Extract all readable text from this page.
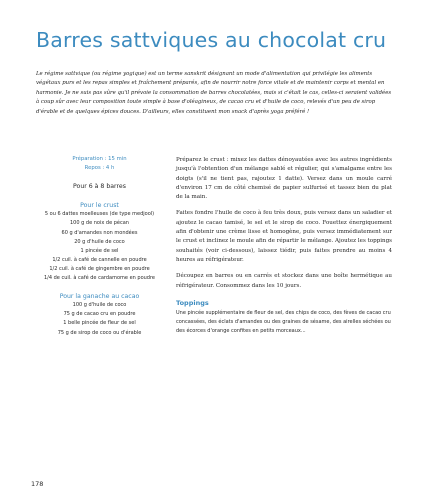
Barres sattviques au chocolat cru

Le régime sattvique (ou régime yogique) est un terme sanskrit désignant un mode d'alimentation qui privilégie les aliments végétaux purs et les repas simples et fraîchement préparés, afin de nourrir notre force vitale et de maintenir corps et mental en harmonie. Je ne suis pas sûre qu'il prévoie la consommation de barres chocolatées, mais si c'était le cas, celles-ci seraient validées à coup sûr avec leur composition toute simple à base d'oléagineux, de cacao cru et d'huile de coco, relevés d'un peu de sirop d'érable et de quelques épices douces. D'ailleurs, elles constituent mon snack d'après yoga préféré !

Préparation : 15 min
Repos : 4 h
Pour 6 à 8 barres
Pour le crust
5 ou 6 dattes moelleuses (de type medjool)
100 g de noix de pécan
60 g d'amandes non mondées
20 g d'huile de coco
1 pincée de sel
1/2 cuil. à café de cannelle en poudre
1/2 cuil. à café de gingembre en poudre
1/4 de cuil. à café de cardamome en poudre
Pour la ganache au cacao
100 g d'huile de coco
75 g de cacao cru en poudre
1 belle pincée de fleur de sel
75 g de sirop de coco ou d'érable

Préparez le crust : mixez les dattes dénoyautées avec les autres ingrédients jusqu'à l'obtention d'un mélange sablé et régulier, qui s'amalgame entre les doigts (s'il ne tient pas, rajoutez 1 datte). Versez dans un moule carré d'environ 17 cm de côté chemisé de papier sulfurisé et tassez bien du plat de la main.

Faites fondre l'huile de coco à feu très doux, puis versez dans un saladier et ajoutez le cacao tamisé, le sel et le sirop de coco. Fouettez énergiquement afin d'obtenir une crème lisse et homogène, puis versez immédiatement sur le crust et inclinez le moule afin de répartir le mélange. Ajoutez les toppings souhaités (voir ci-dessous), laissez tiédir, puis faites prendre au moins 4 heures au réfrigérateur.

Découpez en barres ou en carrés et stockez dans une boîte hermétique au réfrigérateur. Consommez dans les 10 jours.

Toppings

Une pincée supplémentaire de fleur de sel, des chips de coco, des fèves de cacao cru concassées, des éclats d'amandes ou des graines de sésame, des airelles séchées ou des écorces d'orange confites en petits morceaux...

178
